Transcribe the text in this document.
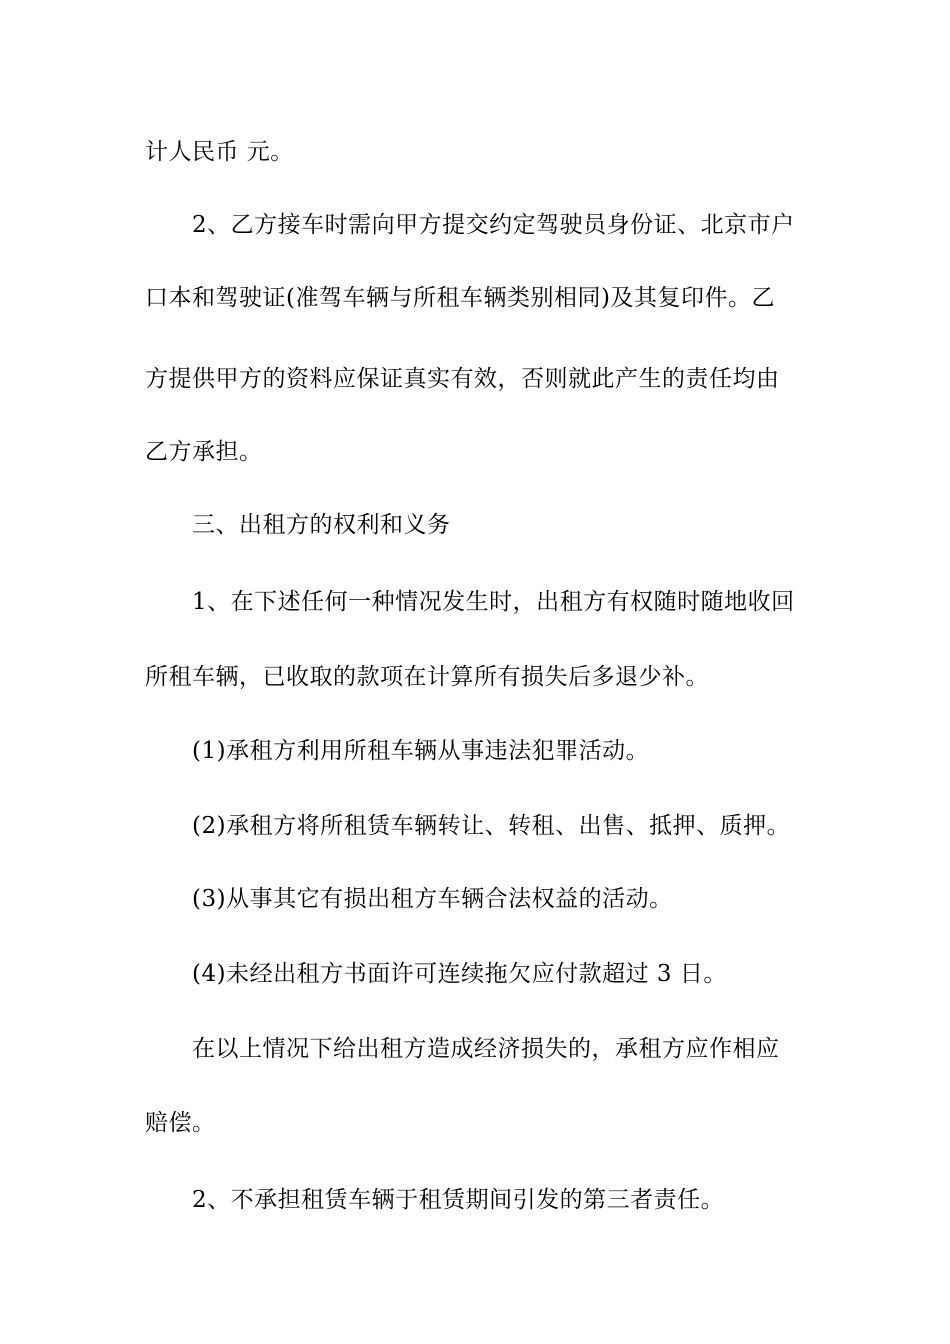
计人民币 元。
2、乙方接车时需向甲方提交约定驾驶员身份证、北京市户
口本和驾驶证(准驾车辆与所租车辆类别相同)及其复印件。乙
方提供甲方的资料应保证真实有效，否则就此产生的责任均由
乙方承担。
三、出租方的权利和义务
1、在下述任何一种情况发生时，出租方有权随时随地收回
所租车辆，已收取的款项在计算所有损失后多退少补。
(1)承租方利用所租车辆从事违法犯罪活动。
(2)承租方将所租赁车辆转让、转租、出售、抵押、质押。
(3)从事其它有损出租方车辆合法权益的活动。
(4)未经出租方书面许可连续拖欠应付款超过 3 日。
在以上情况下给出租方造成经济损失的，承租方应作相应
赔偿。
2、不承担租赁车辆于租赁期间引发的第三者责任。
